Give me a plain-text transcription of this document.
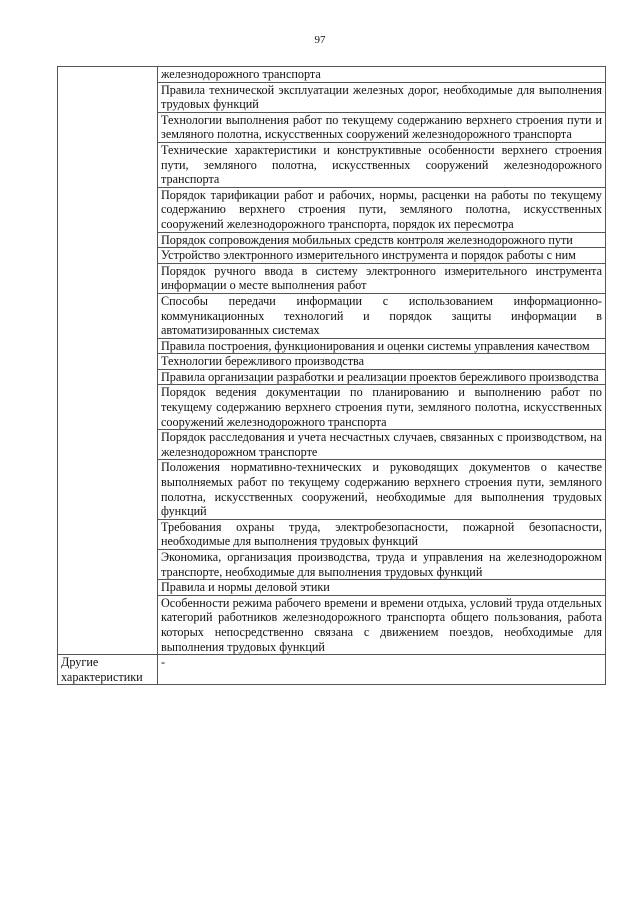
97
	железнодорожного транспорта
	Правила технической эксплуатации железных дорог, необходимые для выполнения трудовых функций
	Технологии выполнения работ по текущему содержанию верхнего строения пути и земляного полотна, искусственных сооружений железнодорожного транспорта
	Технические характеристики и конструктивные особенности верхнего строения пути, земляного полотна, искусственных сооружений железнодорожного транспорта
	Порядок тарификации работ и рабочих, нормы, расценки на работы по текущему содержанию верхнего строения пути, земляного полотна, искусственных сооружений железнодорожного транспорта, порядок их пересмотра
	Порядок сопровождения мобильных средств контроля железнодорожного пути
	Устройство электронного измерительного инструмента и порядок работы с ним
	Порядок ручного ввода в систему электронного измерительного инструмента информации о месте выполнения работ
	Способы передачи информации с использованием информационно-коммуникационных технологий и порядок защиты информации в автоматизированных системах
	Правила построения, функционирования и оценки системы управления качеством
	Технологии бережливого производства
	Правила организации разработки и реализации проектов бережливого производства
	Порядок ведения документации по планированию и выполнению работ по текущему содержанию верхнего строения пути, земляного полотна, искусственных сооружений железнодорожного транспорта
	Порядок расследования и учета несчастных случаев, связанных с производством, на железнодорожном транспорте
	Положения нормативно-технических и руководящих документов о качестве выполняемых работ по текущему содержанию верхнего строения пути, земляного полотна, искусственных сооружений, необходимые для выполнения трудовых функций
	Требования охраны труда, электробезопасности, пожарной безопасности, необходимые для выполнения трудовых функций
	Экономика, организация производства, труда и управления на железнодорожном транспорте, необходимые для выполнения трудовых функций
	Правила и нормы деловой этики
	Особенности режима рабочего времени и времени отдыха, условий труда отдельных категорий работников железнодорожного транспорта общего пользования, работа которых непосредственно связана с движением поездов, необходимые для выполнения трудовых функций
Другие характеристики	-
